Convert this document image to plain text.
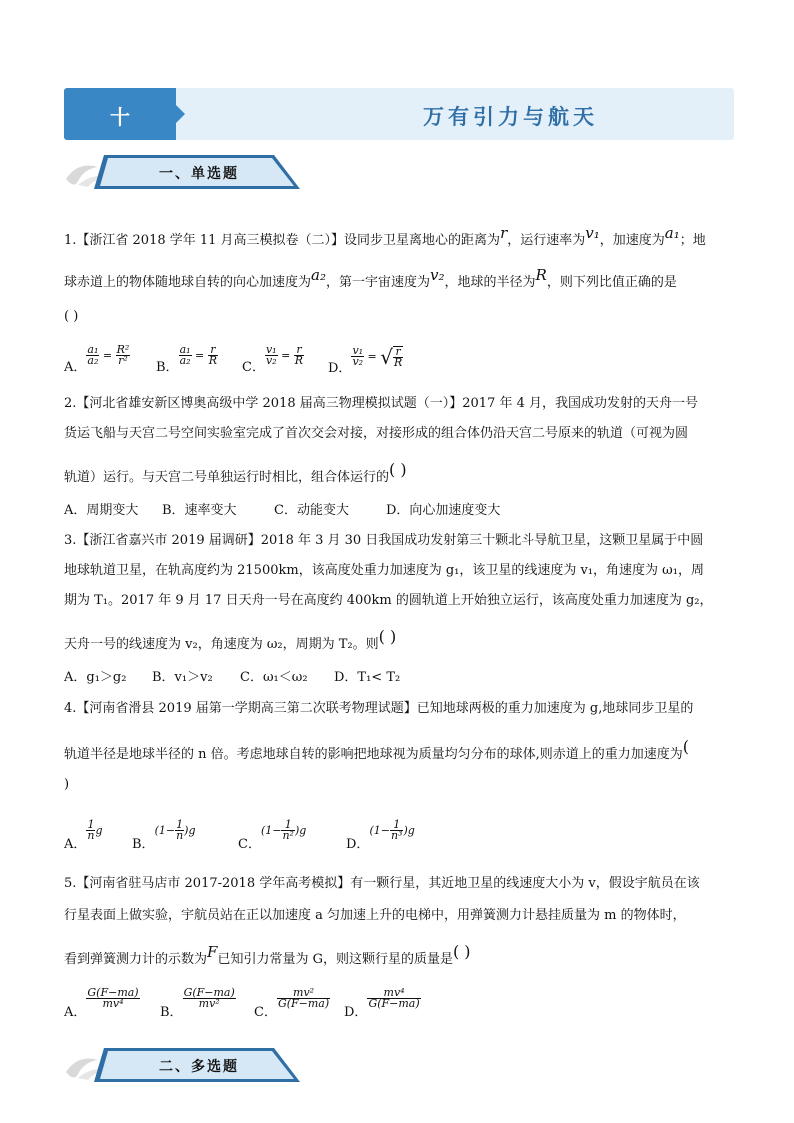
十	万有引力与航天
一、单选题

1.【浙江省 2018 学年 11 月高三模拟卷（二）】设同步卫星离地心的距离为r，运行速率为v₁，加速度为a₁；地

球赤道上的物体随地球自转的向心加速度为a₂，第一宇宙速度为v₂，地球的半径为R，则下列比值正确的是

( )

A．
$\frac{\text{a₁}}{\text{a₂}} = \frac{\text{R²}}{\text{r²}}$
B．
$\frac{\text{a₁}}{\text{a₂}} = \frac{r}{R}$
C．
$\frac{\text{v₁}}{\text{v₂}} = \frac{r}{R}$
D．
$\frac{\text{v₁}}{\text{v₂}}$ = √ $\frac{r}{R}$

2.【河北省雄安新区博奥高级中学 2018 届高三物理模拟试题（一）】2017 年 4 月，我国成功发射的天舟一号

货运飞船与天宫二号空间实验室完成了首次交会对接，对接形成的组合体仍沿天宫二号原来的轨道（可视为圆

轨道）运行。与天宫二号单独运行时相比，组合体运行的( )

A．周期变大 B．速率变大	C．动能变大	D．向心加速度变大

3.【浙江省嘉兴市 2019 届调研】2018 年 3 月 30 日我国成功发射第三十颗北斗导航卫星，这颗卫星属于中圆

地球轨道卫星，在轨高度约为 21500km，该高度处重力加速度为 g₁，该卫星的线速度为 v₁，角速度为 ω₁，周

期为 T₁。2017 年 9 月 17 日天舟一号在高度约 400km 的圆轨道上开始独立运行，该高度处重力加速度为 g₂，

天舟一号的线速度为 v₂，角速度为 ω₂，周期为 T₂。则( )

A．g₁＞g₂ B．v₁＞v₂ C．ω₁＜ω₂ D．T₁< T₂

4.【河南省滑县 2019 届第一学期高三第二次联考物理试题】已知地球两极的重力加速度为 g,地球同步卫星的

轨道半径是地球半径的 n 倍。考虑地球自转的影响把地球视为质量均匀分布的球体,则赤道上的重力加速度为(

)

A．
$\frac{1}{n}$ g
B．$(1- \frac{1}{n} )g$
C．$(1- \frac{1}{\text{n²}} )g$
D．$(1- \frac{1}{\text{n³}} )g$

5.【河南省驻马店市 2017-2018 学年高考模拟】有一颗行星，其近地卫星的线速度大小为 v，假设宇航员在该

行星表面上做实验，宇航员站在正以加速度 a 匀加速上升的电梯中，用弹簧测力计悬挂质量为 m 的物体时，

看到弹簧测力计的示数为F已知引力常量为 G，则这颗行星的质量是( )

A．
$\frac{G(F-ma)}{\text{mv⁴}}$
B．
$\frac{G(F-ma)}{\text{mv²}}$
C．
$\frac{\text{mv²}}{G(F-ma)}$
D．
$\frac{\text{mv⁴}}{G(F-ma)}$
二、多选题
